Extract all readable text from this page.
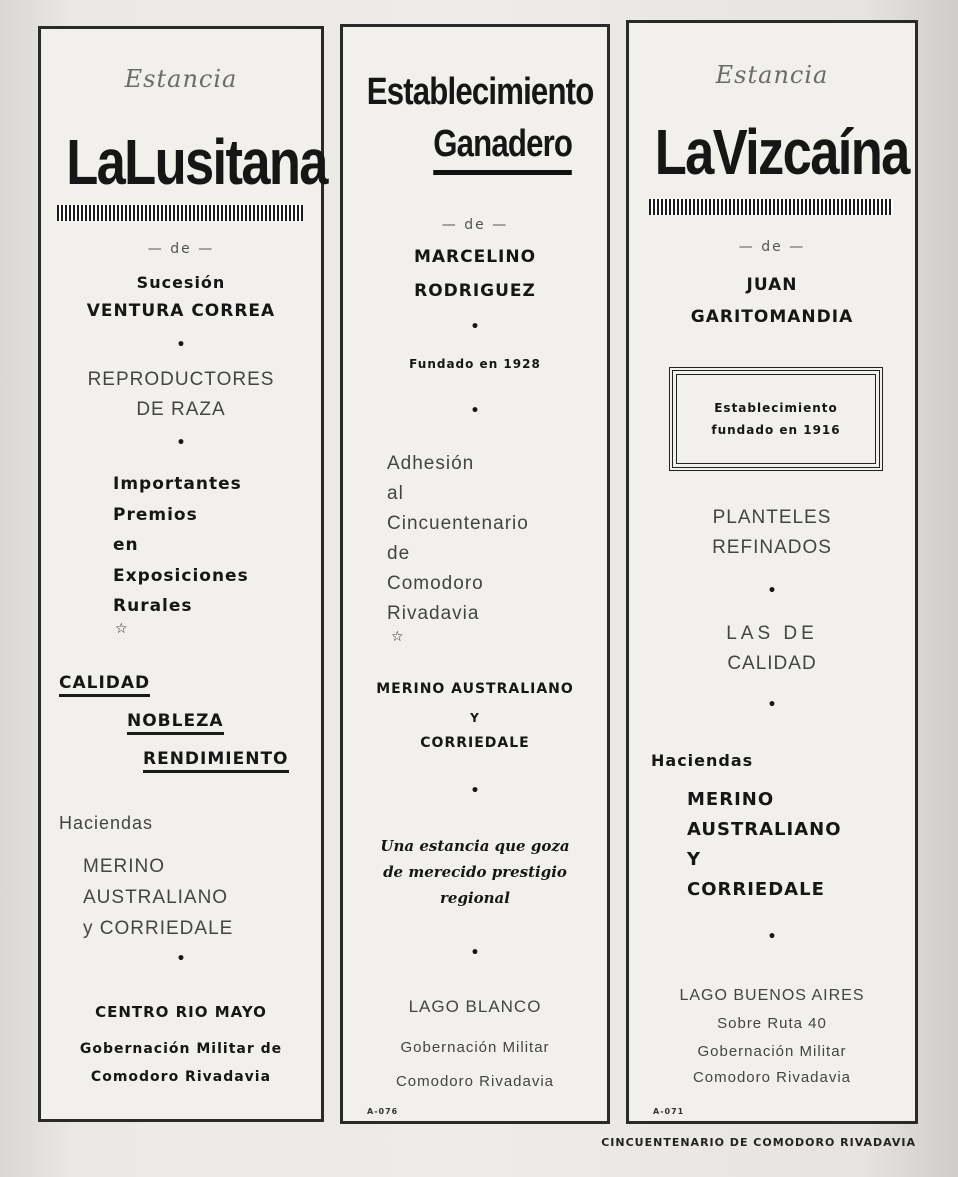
Estancia
LaLusitana
— de —
Sucesión
VENTURA CORREA
•
REPRODUCTORES
DE RAZA
•
Importantes
Premios
en
Exposiciones
Rurales
☆
CALIDAD
NOBLEZA
RENDIMIENTO
Haciendas
MERINO
AUSTRALIANO
y CORRIEDALE
•
CENTRO RIO MAYO
Gobernación Militar de
Comodoro Rivadavia
Establecimiento
Ganadero
— de —
MARCELINO
RODRIGUEZ
•
Fundado en 1928
•
Adhesión
al
Cincuentenario
de
Comodoro
Rivadavia
☆
MERINO AUSTRALIANO
Y
CORRIEDALE
•
Una estancia que goza
de merecido prestigio
regional
•
LAGO BLANCO
Gobernación Militar
Comodoro Rivadavia
A-076
Estancia
LaVizcaína
— de —
JUAN
GARITOMANDIA
Establecimiento
fundado en 1916
PLANTELES
REFINADOS
•
LAS DE
CALIDAD
•
Haciendas
MERINO
AUSTRALIANO
Y
CORRIEDALE
•
LAGO BUENOS AIRES
Sobre Ruta 40
Gobernación Militar
Comodoro Rivadavia
A-071
CINCUENTENARIO DE COMODORO RIVADAVIA
